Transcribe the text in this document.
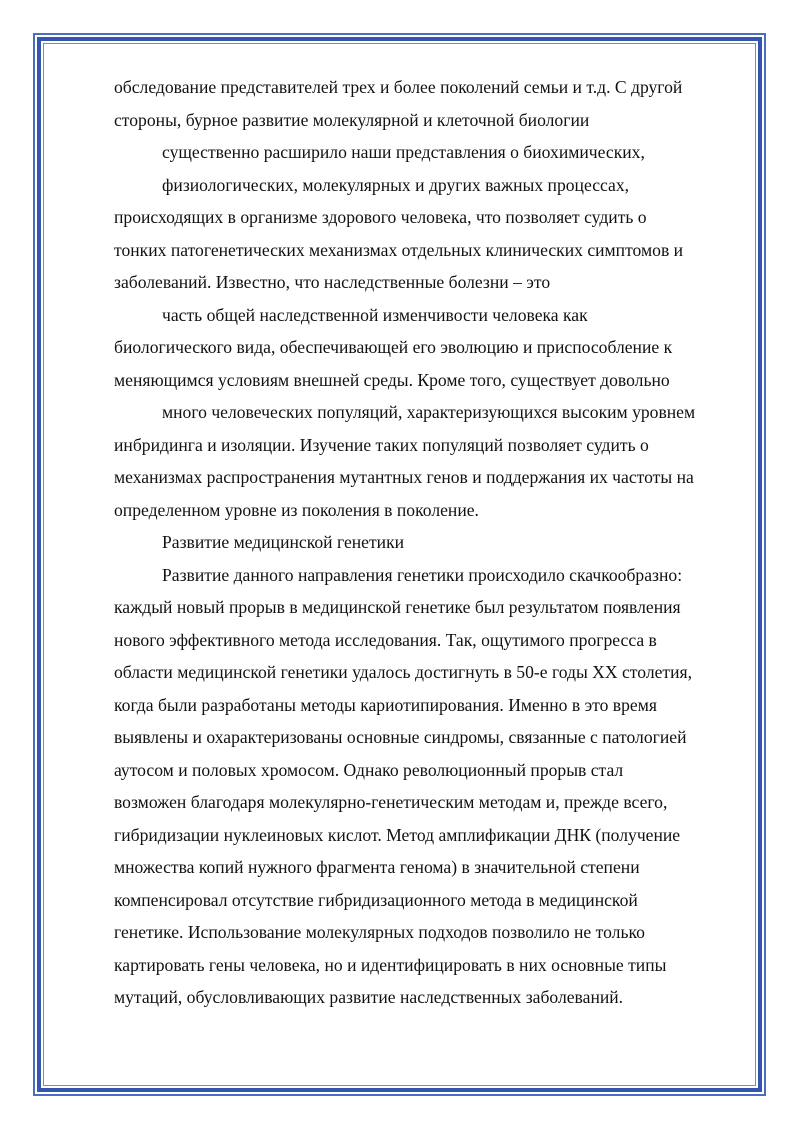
обследование представителей трех и более поколений семьи и т.д. С другой
стороны, бурное развитие молекулярной и клеточной биологии
существенно расширило наши представления о биохимических,
физиологических, молекулярных и других важных процессах,
происходящих в организме здорового человека, что позволяет судить о
тонких патогенетических механизмах отдельных клинических симптомов и
заболеваний. Известно, что наследственные болезни – это
часть общей наследственной изменчивости человека как
биологического вида, обеспечивающей его эволюцию и приспособление к
меняющимся условиям внешней среды. Кроме того, существует довольно
много человеческих популяций, характеризующихся высоким уровнем
инбридинга и изоляции. Изучение таких популяций позволяет судить о
механизмах распространения мутантных генов и поддержания их частоты на
определенном уровне из поколения в поколение.
Развитие медицинской генетики
Развитие данного направления генетики происходило скачкообразно:
каждый новый прорыв в медицинской генетике был результатом появления
нового эффективного метода исследования. Так, ощутимого прогресса в
области медицинской генетики удалось достигнуть в 50-е годы XX столетия,
когда были разработаны методы кариотипирования. Именно в это время
выявлены и охарактеризованы основные синдромы, связанные с патологией
аутосом и половых хромосом. Однако революционный прорыв стал
возможен благодаря молекулярно-генетическим методам и, прежде всего,
гибридизации нуклеиновых кислот. Метод амплификации ДНК (получение
множества копий нужного фрагмента генома) в значительной степени
компенсировал отсутствие гибридизационного метода в медицинской
генетике. Использование молекулярных подходов позволило не только
картировать гены человека, но и идентифицировать в них основные типы
мутаций, обусловливающих развитие наследственных заболеваний.
